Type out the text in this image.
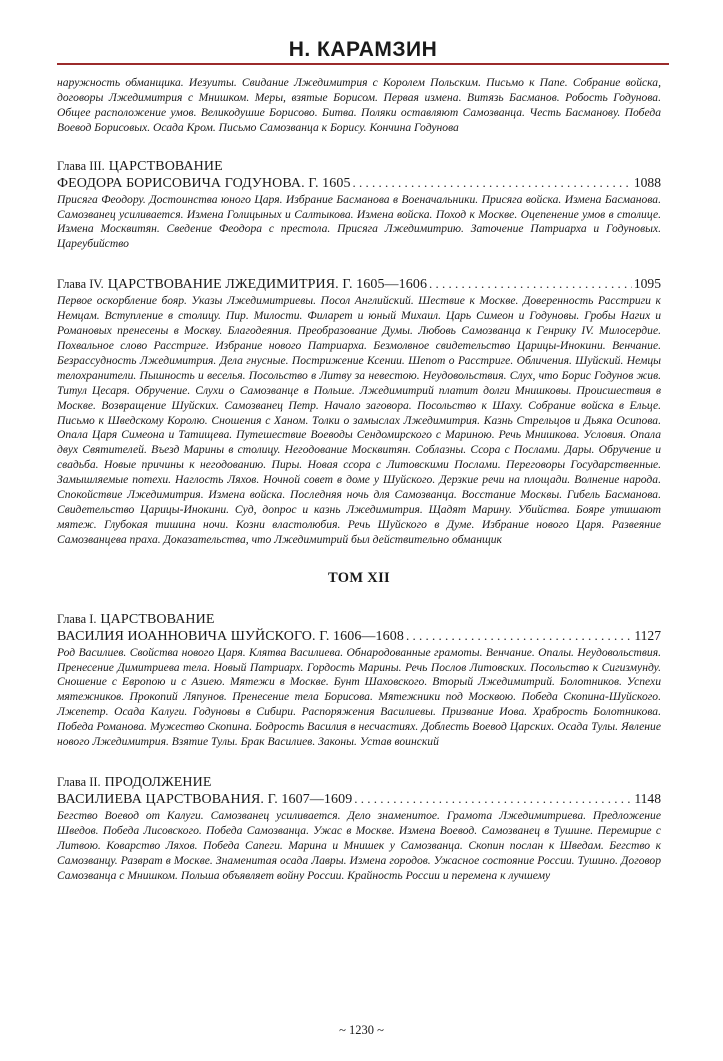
Н. КАРАМЗИН

наружность обманщика. Иезуиты. Свидание Лжедимитрия с Королем Польским. Письмо к Папе. Собрание войска, договоры Лжедимитрия с Мнишком. Меры, взятые Борисом. Первая измена. Витязь Басманов. Робость Годунова. Общее расположение умов. Великодушие Борисово. Битва. Поляки оставляют Самозванца. Честь Басманову. Победа Воевод Борисовых. Осада Кром. Письмо Самозванца к Борису. Кончина Годунова

Глава III. ЦАРСТВОВАНИЕ
ФЕОДОРА БОРИСОВИЧА ГОДУНОВА. Г. 1605 . . .	1088

Присяга Феодору. Достоинства юного Царя. Избрание Басманова в Военачальники. Присяга войска. Измена Басманова. Самозванец усиливается. Измена Голицыных и Салтыкова. Измена войска. Поход к Москве. Оцепенение умов в столице. Измена Москвитян. Сведение Феодора с престола. Присяга Лжедимитрию. Заточение Патриарха и Годуновых. Цареубийство

Глава IV. ЦАРСТВОВАНИЕ ЛЖЕДИМИТРИЯ. Г. 1605—1606 . . .	1095

Первое оскорбление бояр. Указы Лжедимитриевы. Посол Английский. Шествие к Москве. Доверенность Расстриги к Немцам. Вступление в столицу. Пир. Милости. Филарет и юный Михаил. Царь Симеон и Годуновы. Гробы Нагих и Романовых пренесены в Москву. Благодеяния. Преобразование Думы. Любовь Самозванца к Генрику IV. Милосердие. Похвальное слово Расстриге. Избрание нового Патриарха. Безмолвное свидетельство Царицы-Инокини. Венчание. Безрассудность Лжедимитрия. Дела гнусные. Пострижение Ксении. Шепот о Расстриге. Обличения. Шуйский. Немцы телохранители. Пышность и веселья. Посольство в Литву за невестою. Неудовольствия. Слух, что Борис Годунов жив. Титул Цесаря. Обручение. Слухи о Самозванце в Польше. Лжедимитрий платит долги Мнишковы. Происшествия в Москве. Возвращение Шуйских. Самозванец Петр. Начало заговора. Посольство к Шаху. Собрание войска в Ельце. Письмо к Шведскому Королю. Сношения с Ханом. Толки о замыслах Лжедимитрия. Казнь Стрельцов и Дьяка Осипова. Опала Царя Симеона и Татищева. Путешествие Воеводы Сендомирского с Мариною. Речь Мнишкова. Условия. Опала двух Святителей. Въезд Марины в столицу. Негодование Москвитян. Соблазны. Ссора с Послами. Дары. Обручение и свадьба. Новые причины к негодованию. Пиры. Новая ссора с Литовскими Послами. Переговоры Государственные. Замышляемые потехи. Наглость Ляхов. Ночной совет в доме у Шуйского. Дерзкие речи на площади. Волнение народа. Спокойствие Лжедимитрия. Измена войска. Последняя ночь для Самозванца. Восстание Москвы. Гибель Басманова. Свидетельство Царицы-Инокини. Суд, допрос и казнь Лжедимитрия. Щадят Марину. Убийства. Бояре утишают мятеж. Глубокая тишина ночи. Козни властолюбия. Речь Шуйского в Думе. Избрание нового Царя. Развеяние Самозванцева праха. Доказательства, что Лжедимитрий был действительно обманщик

ТОМ XII
Глава I. ЦАРСТВОВАНИЕ
ВАСИЛИЯ ИОАННОВИЧА ШУЙСКОГО. Г. 1606—1608 . . .	1127

Род Василиев. Свойства нового Царя. Клятва Василиева. Обнародованные грамоты. Венчание. Опалы. Неудовольствия. Пренесение Димитриева тела. Новый Патриарх. Гордость Марины. Речь Послов Литовских. Посольство к Сигизмунду. Сношение с Европою и с Азиею. Мятежи в Москве. Бунт Шаховского. Вторый Лжедимитрий. Болотников. Успехи мятежников. Прокопий Ляпунов. Пренесение тела Борисова. Мятежники под Москвою. Победа Скопина-Шуйского. Лжепетр. Осада Калуги. Годуновы в Сибири. Распоряжения Василиевы. Призвание Иова. Храбрость Болотникова. Победа Романова. Мужество Скопина. Бодрость Василия в несчастиях. Доблесть Воевод Царских. Осада Тулы. Явление нового Лжедимитрия. Взятие Тулы. Брак Василиев. Законы. Устав воинский

Глава II. ПРОДОЛЖЕНИЕ
ВАСИЛИЕВА ЦАРСТВОВАНИЯ. Г. 1607—1609 . . .	1148

Бегство Воевод от Калуги. Самозванец усиливается. Дело знаменитое. Грамота Лжедимитриева. Предложение Шведов. Победа Лисовского. Победа Самозванца. Ужас в Москве. Измена Воевод. Самозванец в Тушине. Перемирие с Литвою. Коварство Ляхов. Победа Сапеги. Марина и Мнишек у Самозванца. Скопин послан к Шведам. Бегство к Самозванцу. Разврат в Москве. Знаменитая осада Лавры. Измена городов. Ужасное состояние России. Тушино. Договор Самозванца с Мнишком. Польша объявляет войну России. Крайность России и перемена к лучшему

~ 1230 ~
